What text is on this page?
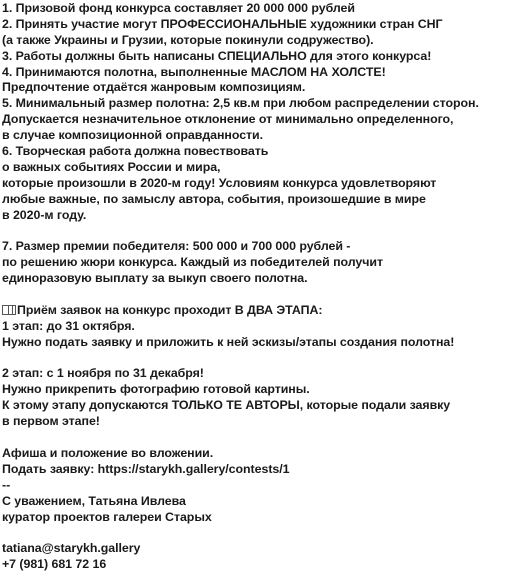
1. Призовой фонд конкурса составляет 20 000 000 рублей
2. Принять участие могут ПРОФЕССИОНАЛЬНЫЕ художники стран СНГ
(а также Украины и Грузии, которые покинули содружество).
3. Работы должны быть написаны СПЕЦИАЛЬНО для этого конкурса!
4. Принимаются полотна, выполненные МАСЛОМ НА ХОЛСТЕ!
Предпочтение отдаётся жанровым композициям.
5. Минимальный размер полотна: 2,5 кв.м при любом распределении сторон.
Допускается незначительное отклонение от минимально определенного,
в случае композиционной оправданности.
6. Творческая работа должна повествовать
о важных событиях России и мира,
которые произошли в 2020-м году! Условиям конкурса удовлетворяют
любые важные, по замыслу автора, события, произошедшие в мире
в 2020-м году.
7. Размер премии победителя: 500 000 и 700 000 рублей -
по решению жюри конкурса. Каждый из победителей получит
единоразовую выплату за выкуп своего полотна.
Приём заявок на конкурс проходит В ДВА ЭТАПА:
1 этап: до 31 октября.
Нужно подать заявку и приложить к ней эскизы/этапы создания полотна!
2 этап: с 1 ноября по 31 декабря!
Нужно прикрепить фотографию готовой картины.
К этому этапу допускаются ТОЛЬКО ТЕ АВТОРЫ, которые подали заявку
в первом этапе!
Афиша и положение во вложении.
Подать заявку: https://starykh.gallery/contests/1
--
С уважением, Татьяна Ивлева
куратор проектов галереи Старых
tatiana@starykh.gallery
+7 (981) 681 72 16
